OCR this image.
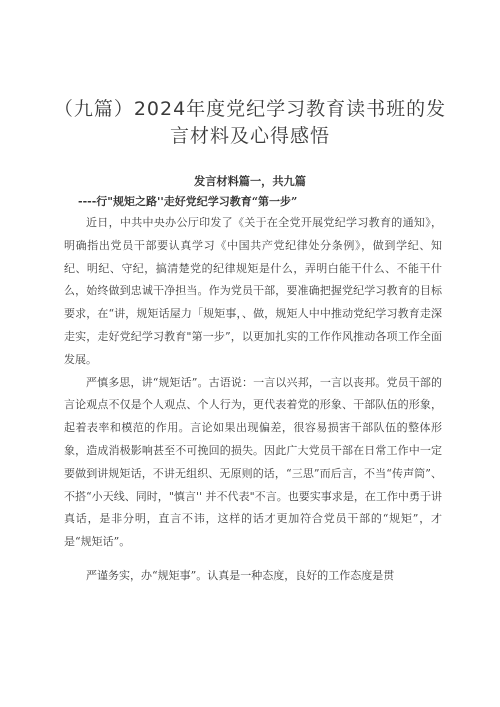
（九篇）2024年度党纪学习教育读书班的发
言材料及心得感悟
发言材料篇一，共九篇

----行"规矩之路''走好党纪学习教育“第一步”

近日，中共中央办公厅印发了《关于在全党开展党纪学习教育的通知》，明确指出党员干部要认真学习《中国共产党纪律处分条例》，做到学纪、知纪、明纪、守纪，搞清楚党的纪律规矩是什么，弄明白能干什么、不能干什么，始终做到忠诚干净担当。作为党员干部，要准确把握党纪学习教育的目标要求，在“讲，规矩话屋力「规矩事，、做，规矩人中中推动党纪学习教育走深走实，走好党纪学习教育"第一步”，以更加扎实的工作作风推动各项工作全面发展。

严慎多思，讲“规矩话”。古语说：一言以兴邦，一言以丧邦。党员干部的言论观点不仅是个人观点、个人行为，更代表着党的形象、干部队伍的形象，起着表率和模范的作用。言论如果出现偏差，很容易损害干部队伍的整体形象，造成消极影响甚至不可挽回的损失。因此广大党员干部在日常工作中一定要做到讲规矩话，不讲无组织、无原则的话，“三思”而后言，不当“传声筒”、不搭“小天线、同时，"慎言'' 并不代表"不言。也要实事求是，在工作中勇于讲真话，是非分明，直言不讳，这样的话才更加符合党员干部的“规矩”，才是“规矩话”。

严谨务实，办“规矩事”。认真是一种态度，良好的工作态度是贯
